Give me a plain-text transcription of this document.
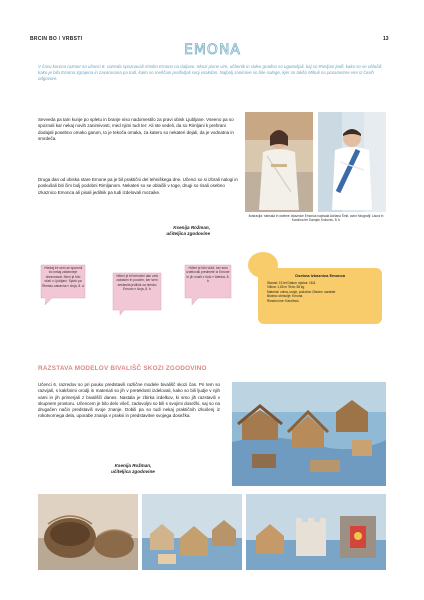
BRCIN BO / VRBSTI	13
EMONA
V času korona razmer so učenci 8. razreda spoznavali rimsko Emono na daljavo. Skozi pisne vire, učbenik in video gradivo so ugotavljali, kaj so Rimljani jedli, kako so se oblačili, kako je bila Emona zgrajena in zavarovana pa tudi, kako so meščani preživljali svoj vsakdan. Najbolj zanimive so bile naloge, kjer so takšo Mihuli na posamezne vire iz časih odgovore.
Sevveda pa tam kunje po spletu in branje niso nadomestilo za pravi obisk Ljubljane. Vseeno pa so spoznali kar nekaj novih zanimivosti, med njimi tudi ter: Ali ste vedeli, da so Rimljani k prehrani dodajali posebno omako garum, to je tekoča omaka, za katero so nekateri dejali, da je vodnatna in smrdeča.
Druga dan od obiska stare Emone pa je bil praktični del tehniškega dne. Učenci so si izbrali nalogi in poskušali biti čim bolj podobni Rimljanom. Nekateri so se oblačili v toge, drugi so risali osebno izkaznico Emonca ali pisali jedilnik pa tudi izdelovali mozaike.
Ksenija Rožman,
učiteljica zgodovine
Ilustracija: narisala in osebne Izkaznice Emonca napisala Adriana Šmit, avtor fotografij: Laura in Karolina ter Damjan Kokovec, 8. b
»Nekaj že sem se spomnil bo nekaj zabavneje obravnaval. Meni je bilo všeč v Ljubljani. Sploh pa Rimsko zabavna.« Anja, 8. a
»Meni je bil tehnični dan zelo zabaven in poučen, ker sem sestavila jedilnik za rimsko Emono.« Anja, 8. b
»Meni je bilo všeč, ker smo izdelovali predmete iz Emone in jih nosili v šolo.« Alenka, 8. b
Osebna izkaznica Emonca
Starost: 15 let Datum rojstva: 18.8.
Višina: 1,65 m Teža: 58 kg
Material: volna, usnje, podobno Obutev: sandale
Bivalno območje: Emona
Rimsko ime: Karolinus
RAZSTAVA MODELOV BIVALIŠČ SKOZI ZGODOVINO
Učenci 6. razredov so pri pouku predstavili različne modele bivališč skozi čas. Pri tem so razvijali, s kakšnimi orodji in materiali so jih v preteklosti izdelovali, kako so bili ljudje v njih vami in jih primerjali z bivališči danes. Nastala je zbirka izdelkov, ki smo jih razstavili v skupnem prostoru. Učencem je bilo delo všeč, zadovoljni so bili s svojimi dosežki, saj so na drugačen način predstavili svoje znanje. Dobili pa so tudi nekaj praktičnih izkušenj iz rokotvornega dela, uporabe znanja v praksi in predstavitve svojega dosežka.
Ksenija Rožman,
učiteljica zgodovine
